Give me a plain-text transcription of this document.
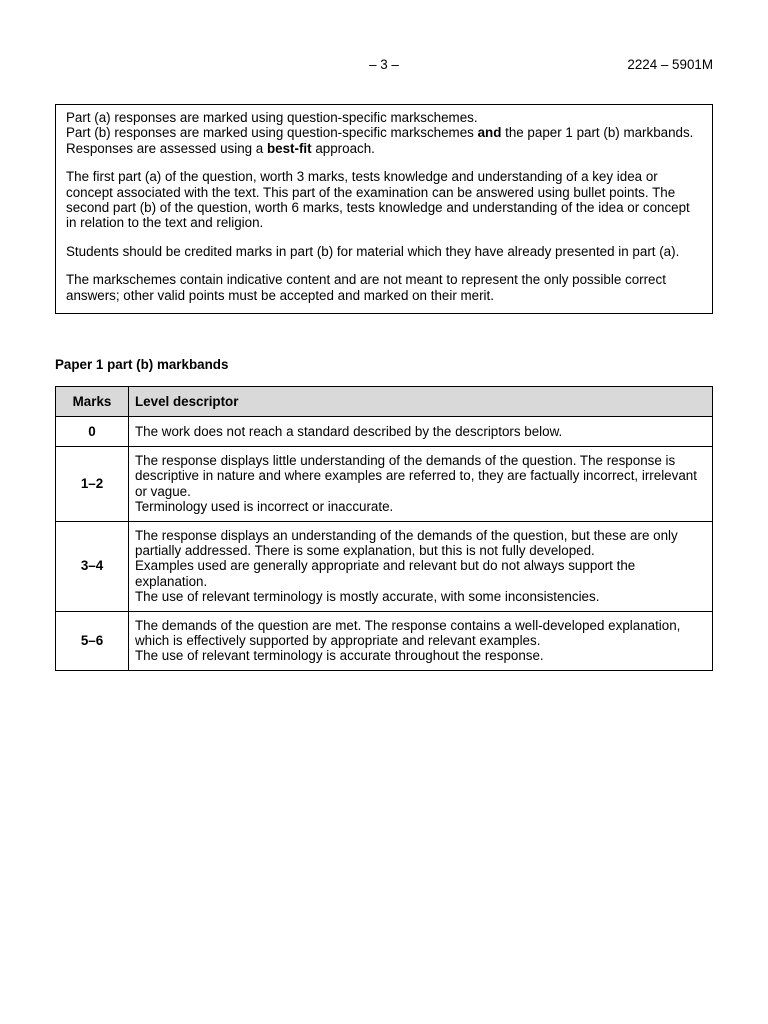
– 3 –	2224 – 5901M

Part (a) responses are marked using question-specific markschemes.
Part (b) responses are marked using question-specific markschemes and the paper 1 part (b) markbands. Responses are assessed using a best-fit approach.

The first part (a) of the question, worth 3 marks, tests knowledge and understanding of a key idea or concept associated with the text. This part of the examination can be answered using bullet points. The second part (b) of the question, worth 6 marks, tests knowledge and understanding of the idea or concept in relation to the text and religion.

Students should be credited marks in part (b) for material which they have already presented in part (a).

The markschemes contain indicative content and are not meant to represent the only possible correct answers; other valid points must be accepted and marked on their merit.

Paper 1 part (b) markbands
Marks	Level descriptor
0	The work does not reach a standard described by the descriptors below.

1–2	The response displays little understanding of the demands of the question. The response is descriptive in nature and where examples are referred to, they are factually incorrect, irrelevant or vague.
Terminology used is incorrect or inaccurate.

3–4	The response displays an understanding of the demands of the question, but these are only partially addressed. There is some explanation, but this is not fully developed.
Examples used are generally appropriate and relevant but do not always support the explanation.
The use of relevant terminology is mostly accurate, with some inconsistencies.

5–6	The demands of the question are met. The response contains a well-developed explanation, which is effectively supported by appropriate and relevant examples.
The use of relevant terminology is accurate throughout the response.
